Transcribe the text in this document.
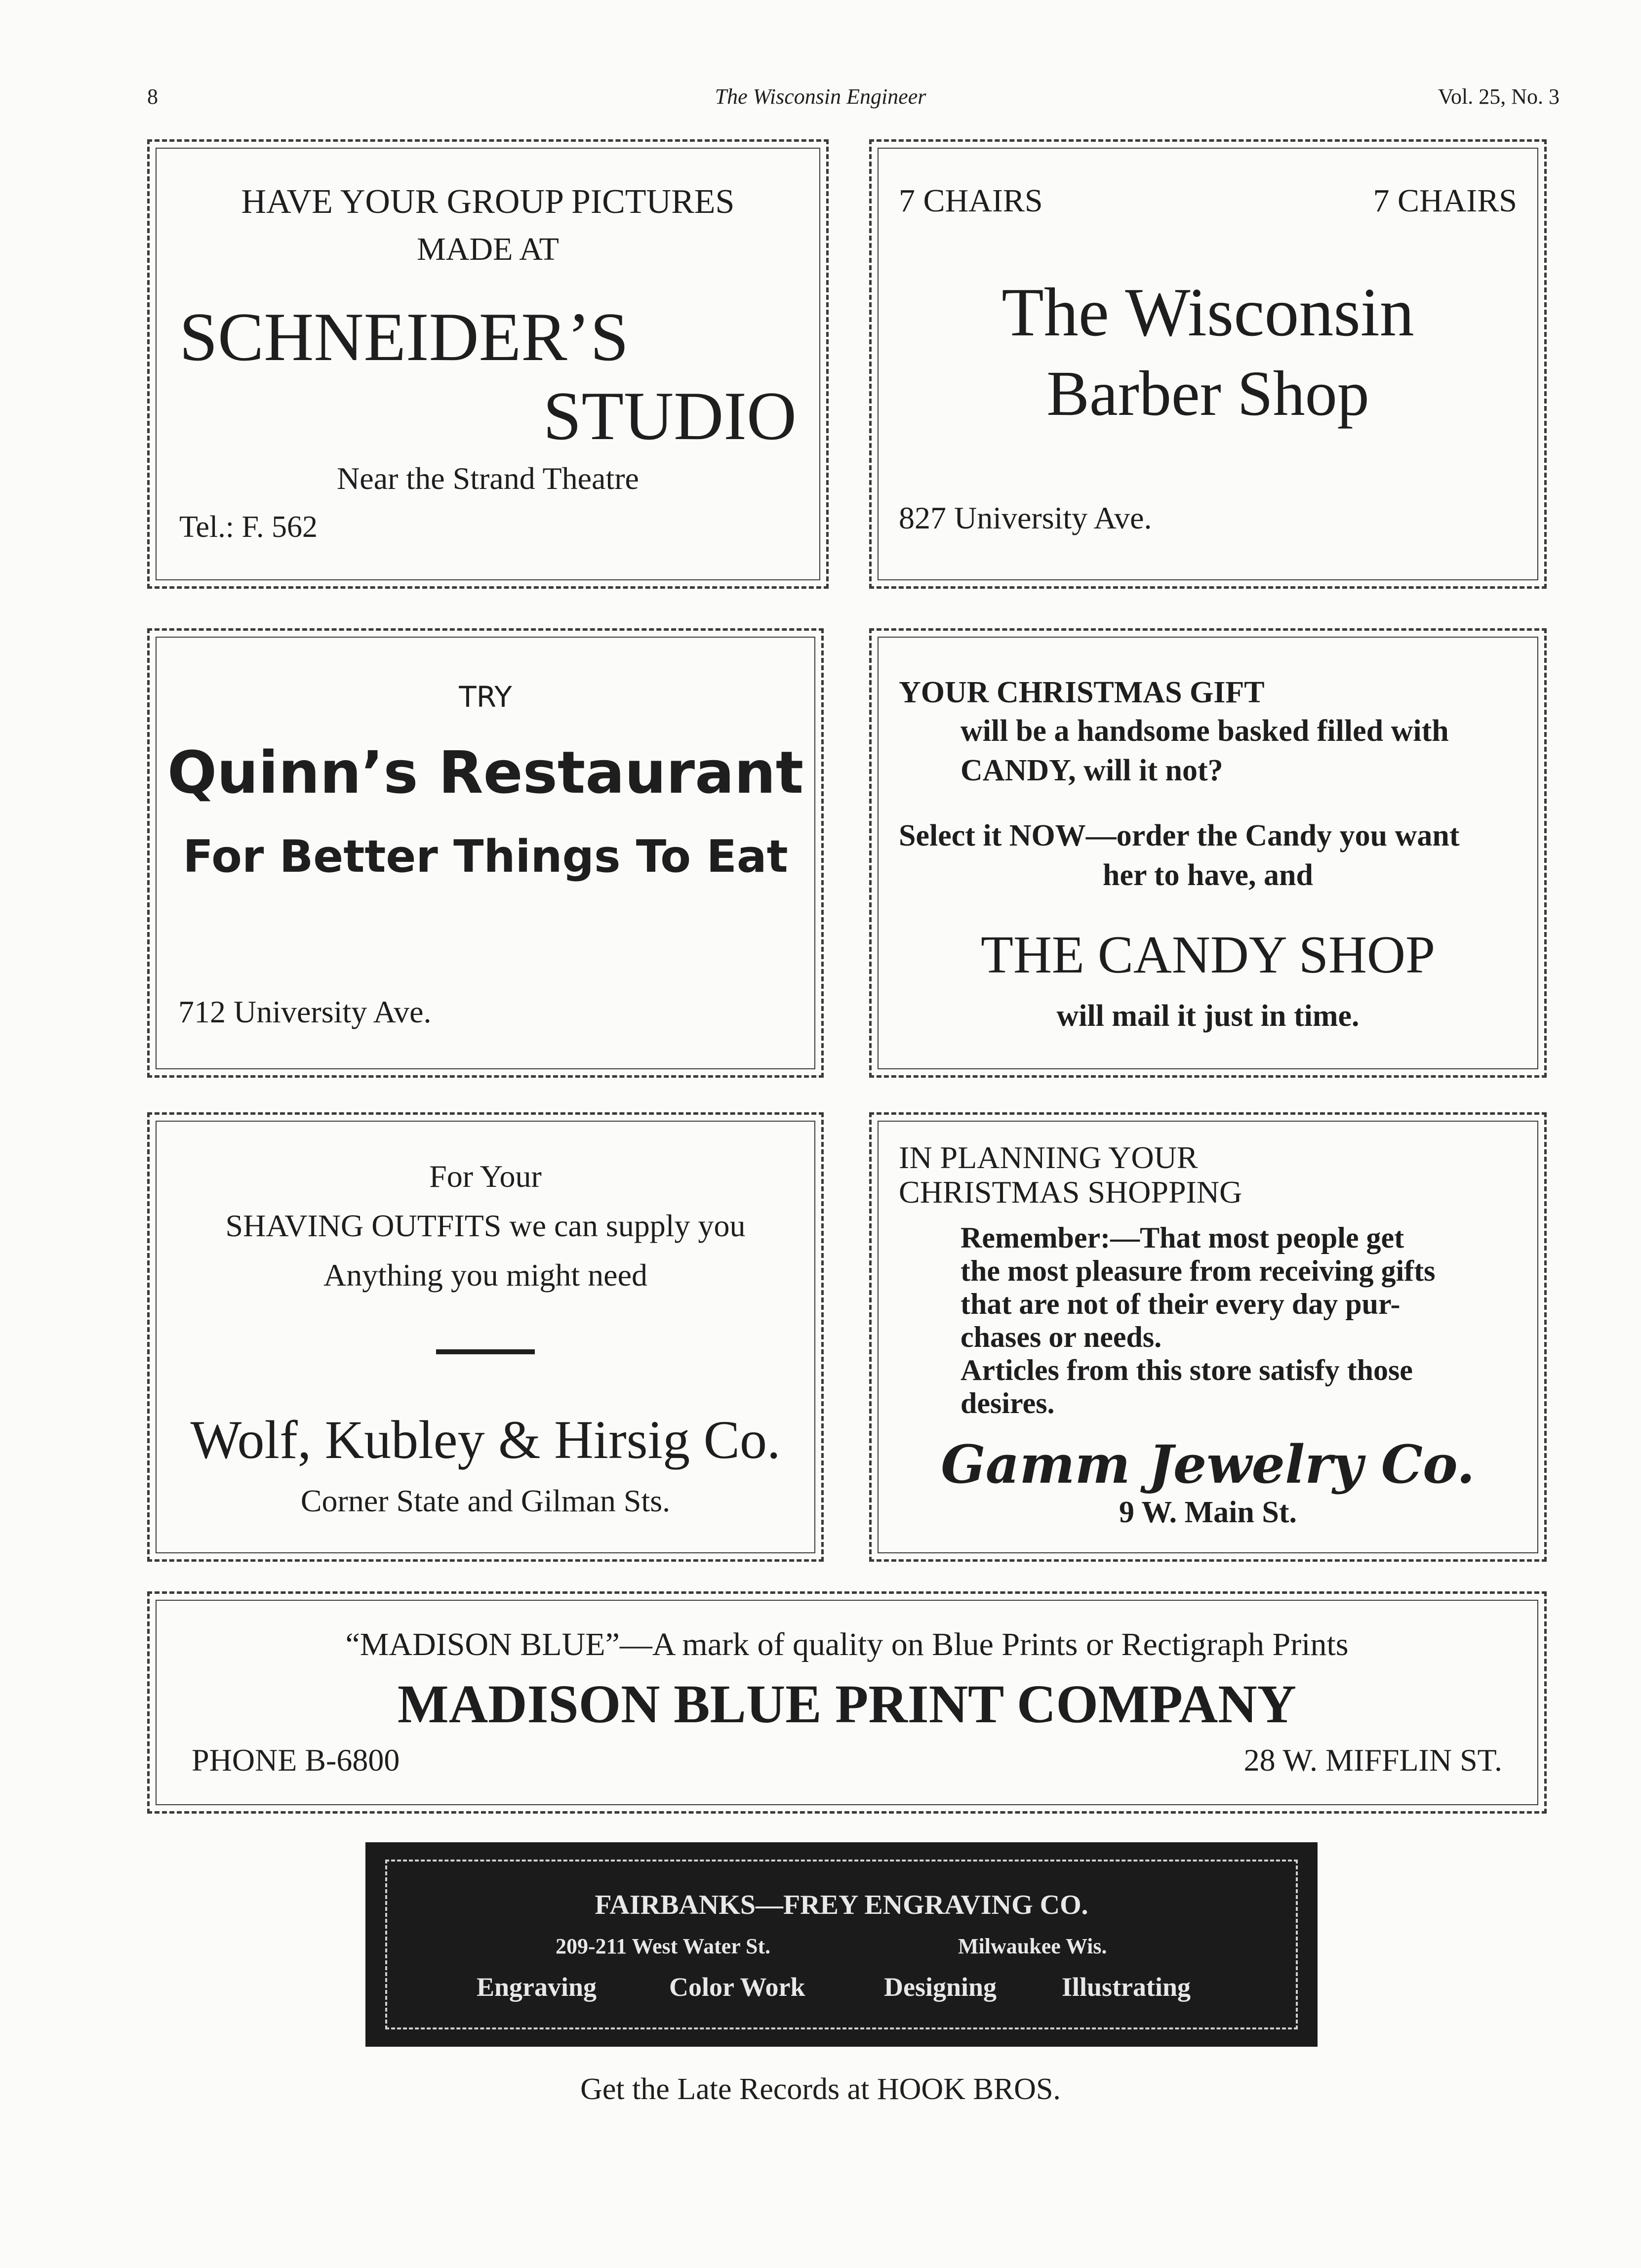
8	The Wisconsin Engineer	Vol. 25, No. 3
HAVE YOUR GROUP PICTURES
MADE AT
SCHNEIDER’S
STUDIO
Near the Strand Theatre
Tel.: F. 562
7 CHAIRS	7 CHAIRS
The Wisconsin
Barber Shop
827 University Ave.
TRY
Quinn’s Restaurant
For Better Things To Eat
712 University Ave.
YOUR CHRISTMAS GIFT
will be a handsome basked filled with
CANDY, will it not?
Select it NOW—order the Candy you want
her to have, and
THE CANDY SHOP
will mail it just in time.
For Your
SHAVING OUTFITS we can supply you
Anything you might need
Wolf, Kubley & Hirsig Co.
Corner State and Gilman Sts.
IN PLANNING YOUR
CHRISTMAS SHOPPING
Remember:—That most people get
the most pleasure from receiving gifts
that are not of their every day pur-
chases or needs.
Articles from this store satisfy those
desires.
Gamm Jewelry Co.
9 W. Main St.
“MADISON BLUE”—A mark of quality on Blue Prints or Rectigraph Prints
MADISON BLUE PRINT COMPANY
PHONE B-6800	28 W. MIFFLIN ST.
FAIRBANKS—FREY ENGRAVING CO.
209-211 West Water St.	Milwaukee Wis.
Engraving	Color Work	Designing Illustrating
Get the Late Records at HOOK BROS.
